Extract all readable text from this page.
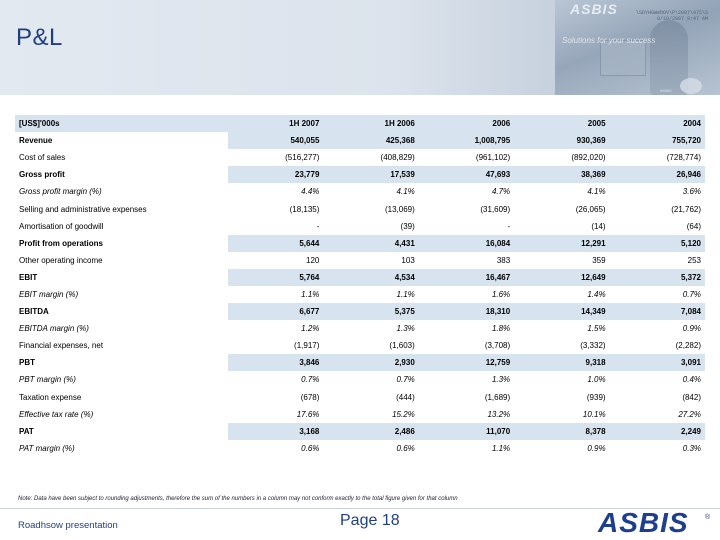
ASBIS	\SDYHGWebOV\P\2007\075\S
8/18/2007 9:47 AM
Solutions for your success
ASBIS
P&L
[US$]'000s	1H 2007	1H 2006	2006	2005	2004
Revenue	540,055	425,368	1,008,795	930,369	755,720
Cost of sales	(516,277)	(408,829)	(961,102)	(892,020)	(728,774)
Gross profit	23,779	17,539	47,693	38,369	26,946
Gross profit margin (%)	4.4%	4.1%	4.7%	4.1%	3.6%
Selling and administrative expenses	(18,135)	(13,069)	(31,609)	(26,065)	(21,762)
Amortisation of goodwill	-	(39)	-	(14)	(64)
Profit from operations	5,644	4,431	16,084	12,291	5,120
Other operating income	120	103	383	359	253
EBIT	5,764	4,534	16,467	12,649	5,372
EBIT margin (%)	1.1%	1.1%	1.6%	1.4%	0.7%
EBITDA	6,677	5,375	18,310	14,349	7,084
EBITDA margin (%)	1.2%	1.3%	1.8%	1.5%	0.9%
Financial expenses, net	(1,917)	(1,603)	(3,708)	(3,332)	(2,282)
PBT	3,846	2,930	12,759	9,318	3,091
PBT margin (%)	0.7%	0.7%	1.3%	1.0%	0.4%
Taxation expense	(678)	(444)	(1,689)	(939)	(842)
Effective tax rate (%)	17.6%	15.2%	13.2%	10.1%	27.2%
PAT	3,168	2,486	11,070	8,378	2,249
PAT margin (%)	0.6%	0.6%	1.1%	0.9%	0.3%
Note: Data have been subject to rounding adjustments, therefore the sum of the numbers in a column may not conform exactly to the total figure given for that column
Roadhsow presentation	Page 18	ASBIS ®
